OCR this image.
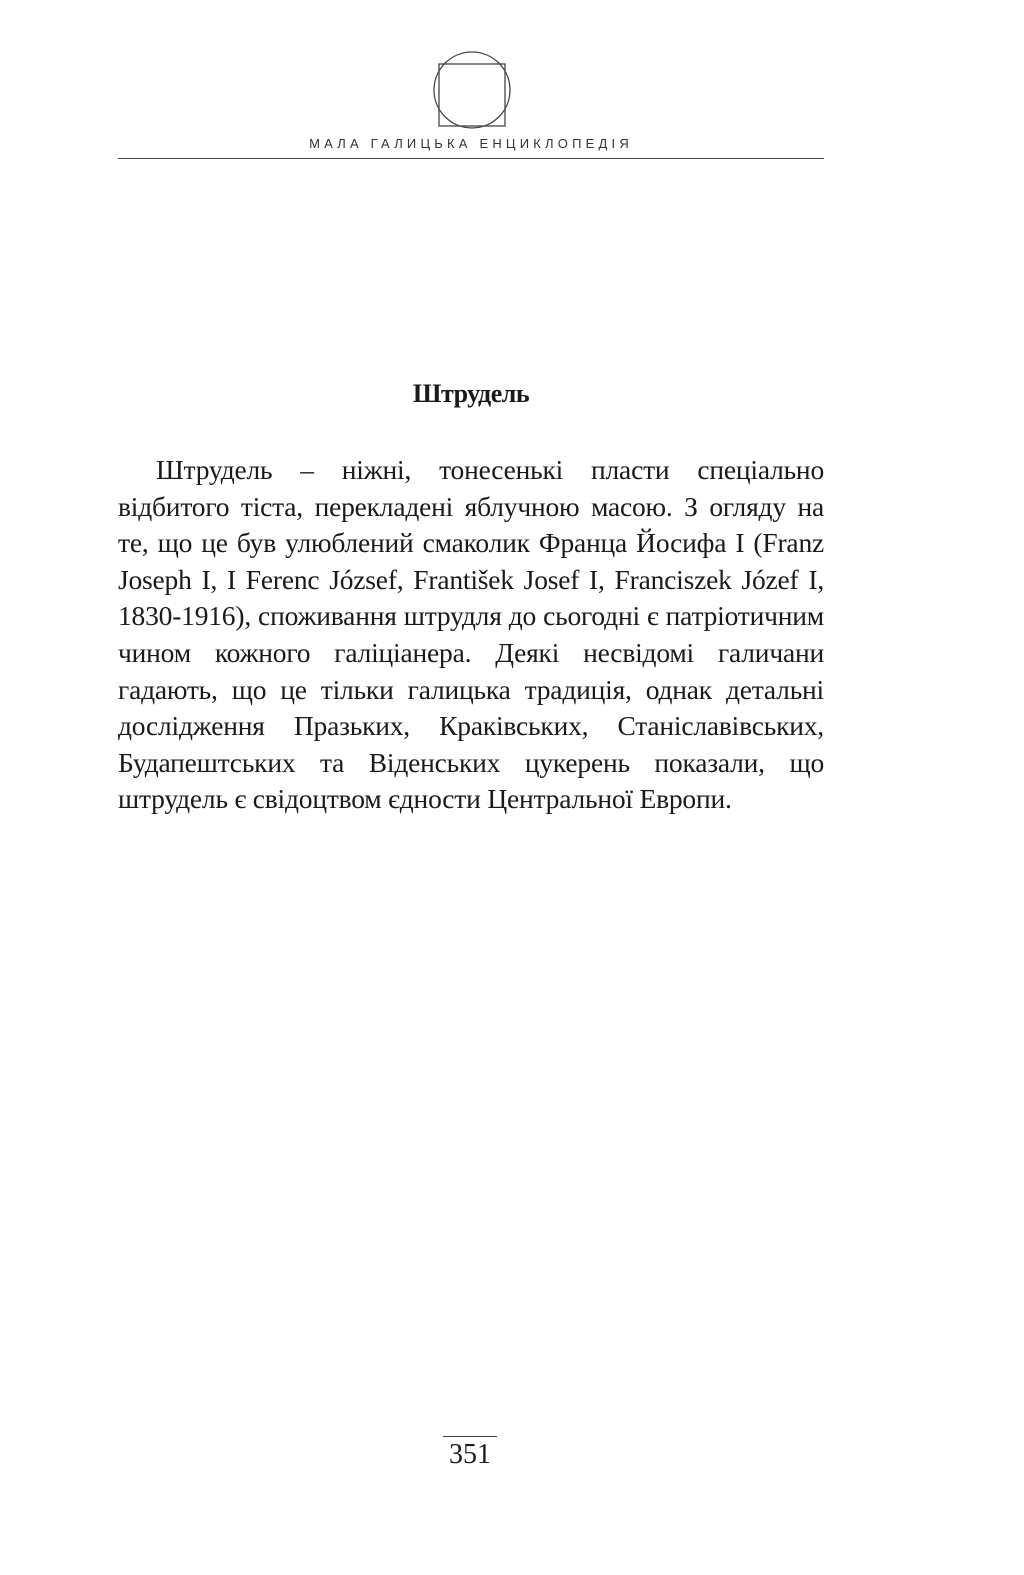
МАЛА ГАЛИЦЬКА ЕНЦИКЛОПЕДІЯ
Штрудель

Штрудель – ніжні, тонесенькі пласти спеціально відбитого тіста, перекладені яблучною масою. З огляду на те, що це був улюблений смаколик Франца Йосифа I (Franz Joseph I, I Ferenc József, František Josef I, Franciszek Józef I, 1830-1916), споживання штрудля до сьогодні є патріотичним чином кожного галіціанера. Деякі несвідомі галичани гадають, що це тільки галицька традиція, однак детальні дослідження Празьких, Краківських, Станіславівських, Будапештських та Віденських цукерень показали, що штрудель є свідоцтвом єдности Центральної Европи.

351
